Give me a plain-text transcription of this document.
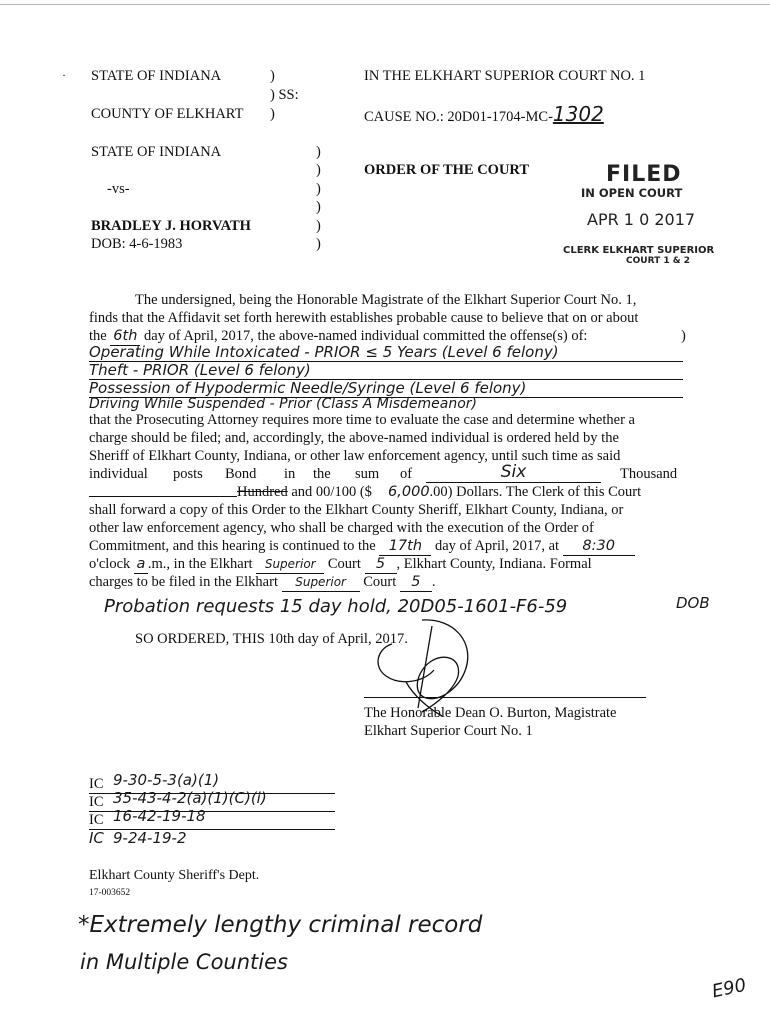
· STATE OF INDIANA	)
) SS:
COUNTY OF ELKHART )
IN THE ELKHART SUPERIOR COURT NO. 1
CAUSE NO.: 20D01-1704-MC-1302
STATE OF INDIANA
-vs-
BRADLEY J. HORVATH
DOB: 4-6-1983
)
)
)
)
)
)
ORDER OF THE COURT	FILED
IN OPEN COURT
APR 1 0 2017
CLERK ELKHART SUPERIOR
COURT 1 & 2
The undersigned, being the Honorable Magistrate of the Elkhart Superior Court No. 1,
finds that the Affidavit set forth herewith establishes probable cause to believe that on or about
the 6th day of April, 2017, the above-named individual committed the offense(s) of:	)
Operating While Intoxicated - PRIOR ≤ 5 Years (Level 6 felony)
Theft - PRIOR (Level 6 felony)
Possession of Hypodermic Needle/Syringe (Level 6 felony)
Driving While Suspended - Prior (Class A Misdemeanor)
that the Prosecuting Attorney requires more time to evaluate the case and determine whether a
charge should be filed; and, accordingly, the above-named individual is ordered held by the
Sheriff of Elkhart County, Indiana, or other law enforcement agency, until such time as said
individual posts Bond in the sum of	Six	Thousand
Hundred and 00/100 ($ 6,000.00) Dollars. The Clerk of this Court
shall forward a copy of this Order to the Elkhart County Sheriff, Elkhart County, Indiana, or
other law enforcement agency, who shall be charged with the execution of the Order of
Commitment, and this hearing is continued to the 17th day of April, 2017, at 8:30
o'clock a .m., in the Elkhart Superior Court 5 , Elkhart County, Indiana. Formal
charges to be filed in the Elkhart Superior Court 5 .
Probation requests 15 day hold, 20D05-1601-F6-59	DOB
SO ORDERED, THIS 10th day of April, 2017.
The Honorable Dean O. Burton, Magistrate
Elkhart Superior Court No. 1
IC 9-30-5-3(a)(1)
IC 35-43-4-2(a)(1)(C)(i)
IC 16-42-19-18
IC 9-24-19-2
Elkhart County Sheriff's Dept.
17-003652
*Extremely lengthy criminal record
in Multiple Counties
E90
